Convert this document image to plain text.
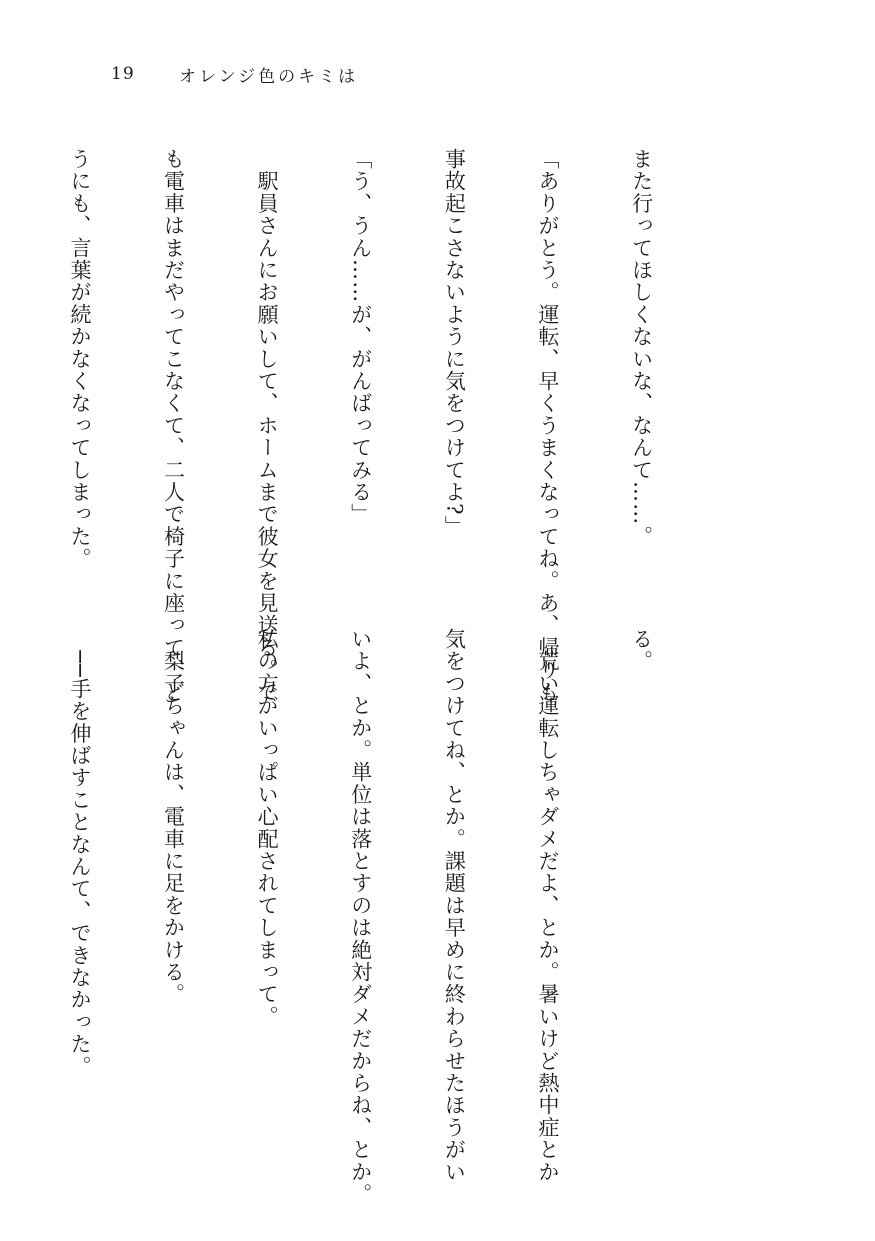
19	オレンジ色のキミは

また行ってほしくないな、なんて……。

「ありがとう。運転、早くうまくなってね。あ、帰りも

事故起こさないように気をつけてよ?」

「う、うん……が、がんばってみる」

　駅員さんにお願いして、ホームまで彼女を見送る。で

も電車はまだやってこなくて、二人で椅子に座って、ど

うにも、言葉が続かなくなってしまった。

る。

　荒い運転しちゃダメだよ、とか。暑いけど熱中症とか

気をつけてね、とか。課題は早めに終わらせたほうがい

いよ、とか。単位は落とすのは絶対ダメだからね、とか。

私の方がいっぱい心配されてしまって。

　梨子ちゃんは、電車に足をかける。

　──手を伸ばすことなんて、できなかった。
